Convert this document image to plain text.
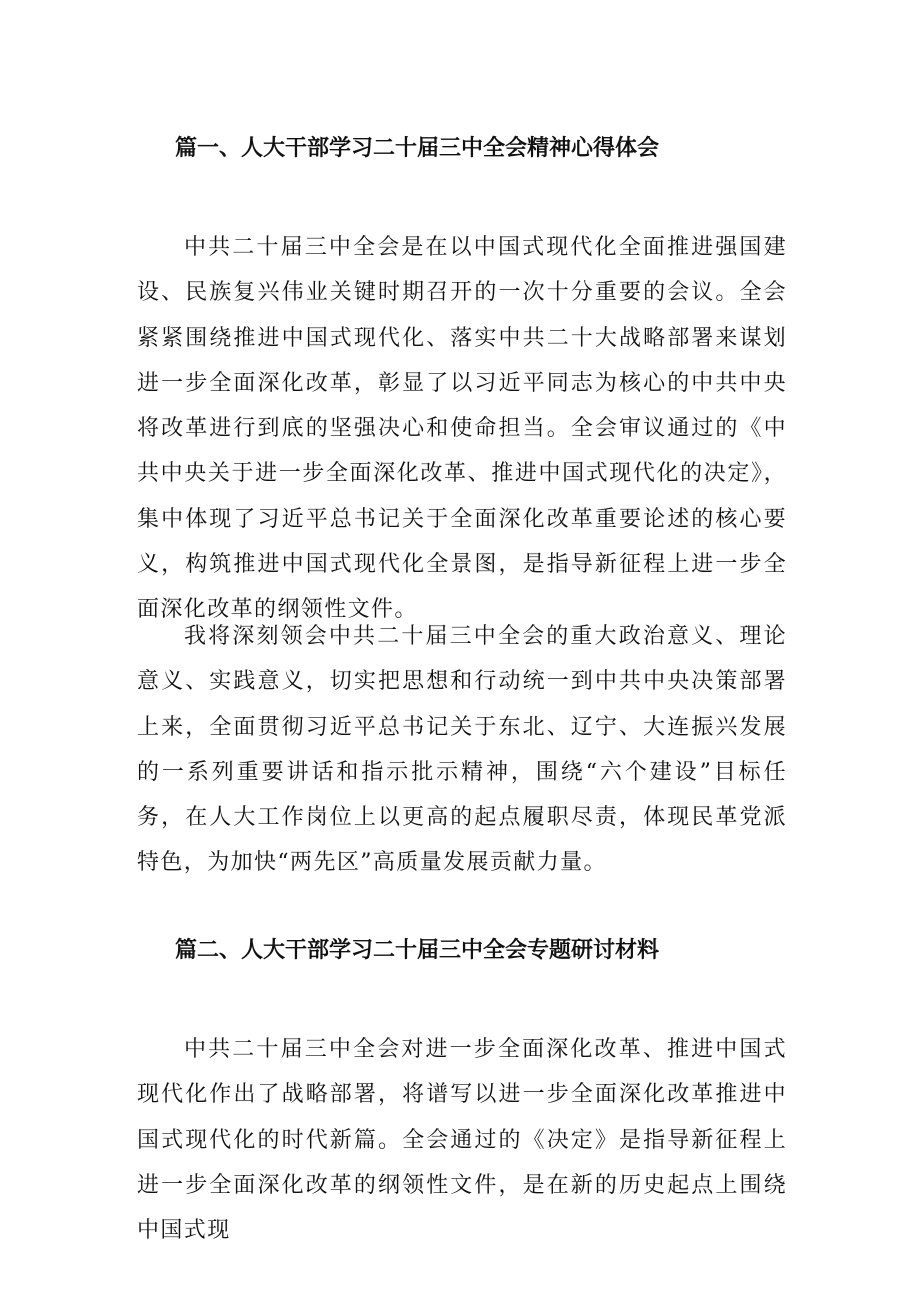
篇一、人大干部学习二十届三中全会精神心得体会

中共二十届三中全会是在以中国式现代化全面推进强国建设、民族复兴伟业关键时期召开的一次十分重要的会议。全会紧紧围绕推进中国式现代化、落实中共二十大战略部署来谋划进一步全面深化改革，彰显了以习近平同志为核心的中共中央将改革进行到底的坚强决心和使命担当。全会审议通过的《中共中央关于进一步全面深化改革、推进中国式现代化的决定》，集中体现了习近平总书记关于全面深化改革重要论述的核心要义，构筑推进中国式现代化全景图，是指导新征程上进一步全面深化改革的纲领性文件。

我将深刻领会中共二十届三中全会的重大政治意义、理论意义、实践意义，切实把思想和行动统一到中共中央决策部署上来，全面贯彻习近平总书记关于东北、辽宁、大连振兴发展的一系列重要讲话和指示批示精神，围绕“六个建设”目标任务，在人大工作岗位上以更高的起点履职尽责，体现民革党派特色，为加快“两先区”高质量发展贡献力量。

篇二、人大干部学习二十届三中全会专题研讨材料

中共二十届三中全会对进一步全面深化改革、推进中国式现代化作出了战略部署，将谱写以进一步全面深化改革推进中国式现代化的时代新篇。全会通过的《决定》是指导新征程上进一步全面深化改革的纲领性文件，是在新的历史起点上围绕中国式现
